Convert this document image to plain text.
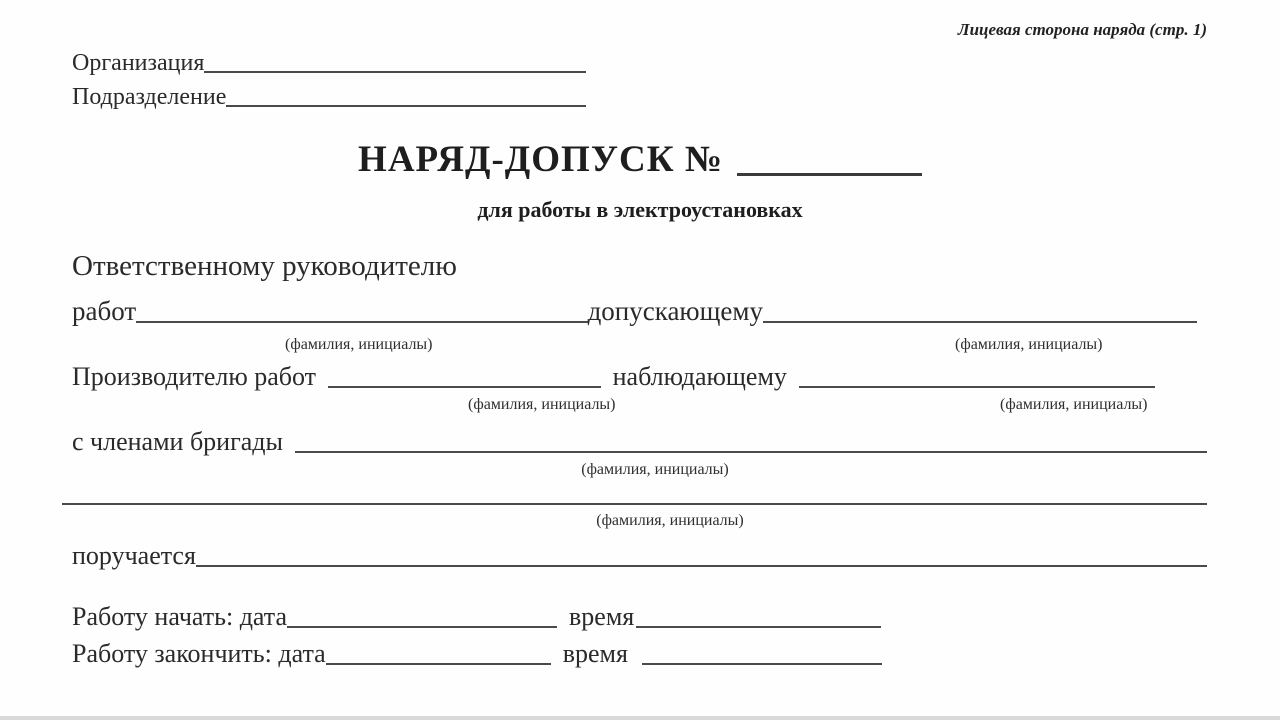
Лицевая сторона наряда (стр. 1)
Организация
Подразделение
НАРЯД-ДОПУСК №
для работы в электроустановках
Ответственному руководителю
работ	допускающему
(фамилия, инициалы)	(фамилия, инициалы)
Производителю работ	наблюдающему
(фамилия, инициалы)	(фамилия, инициалы)
с членами бригады
(фамилия, инициалы)
(фамилия, инициалы)
поручается
Работу начать: дата	время
Работу закончить: дата	время
